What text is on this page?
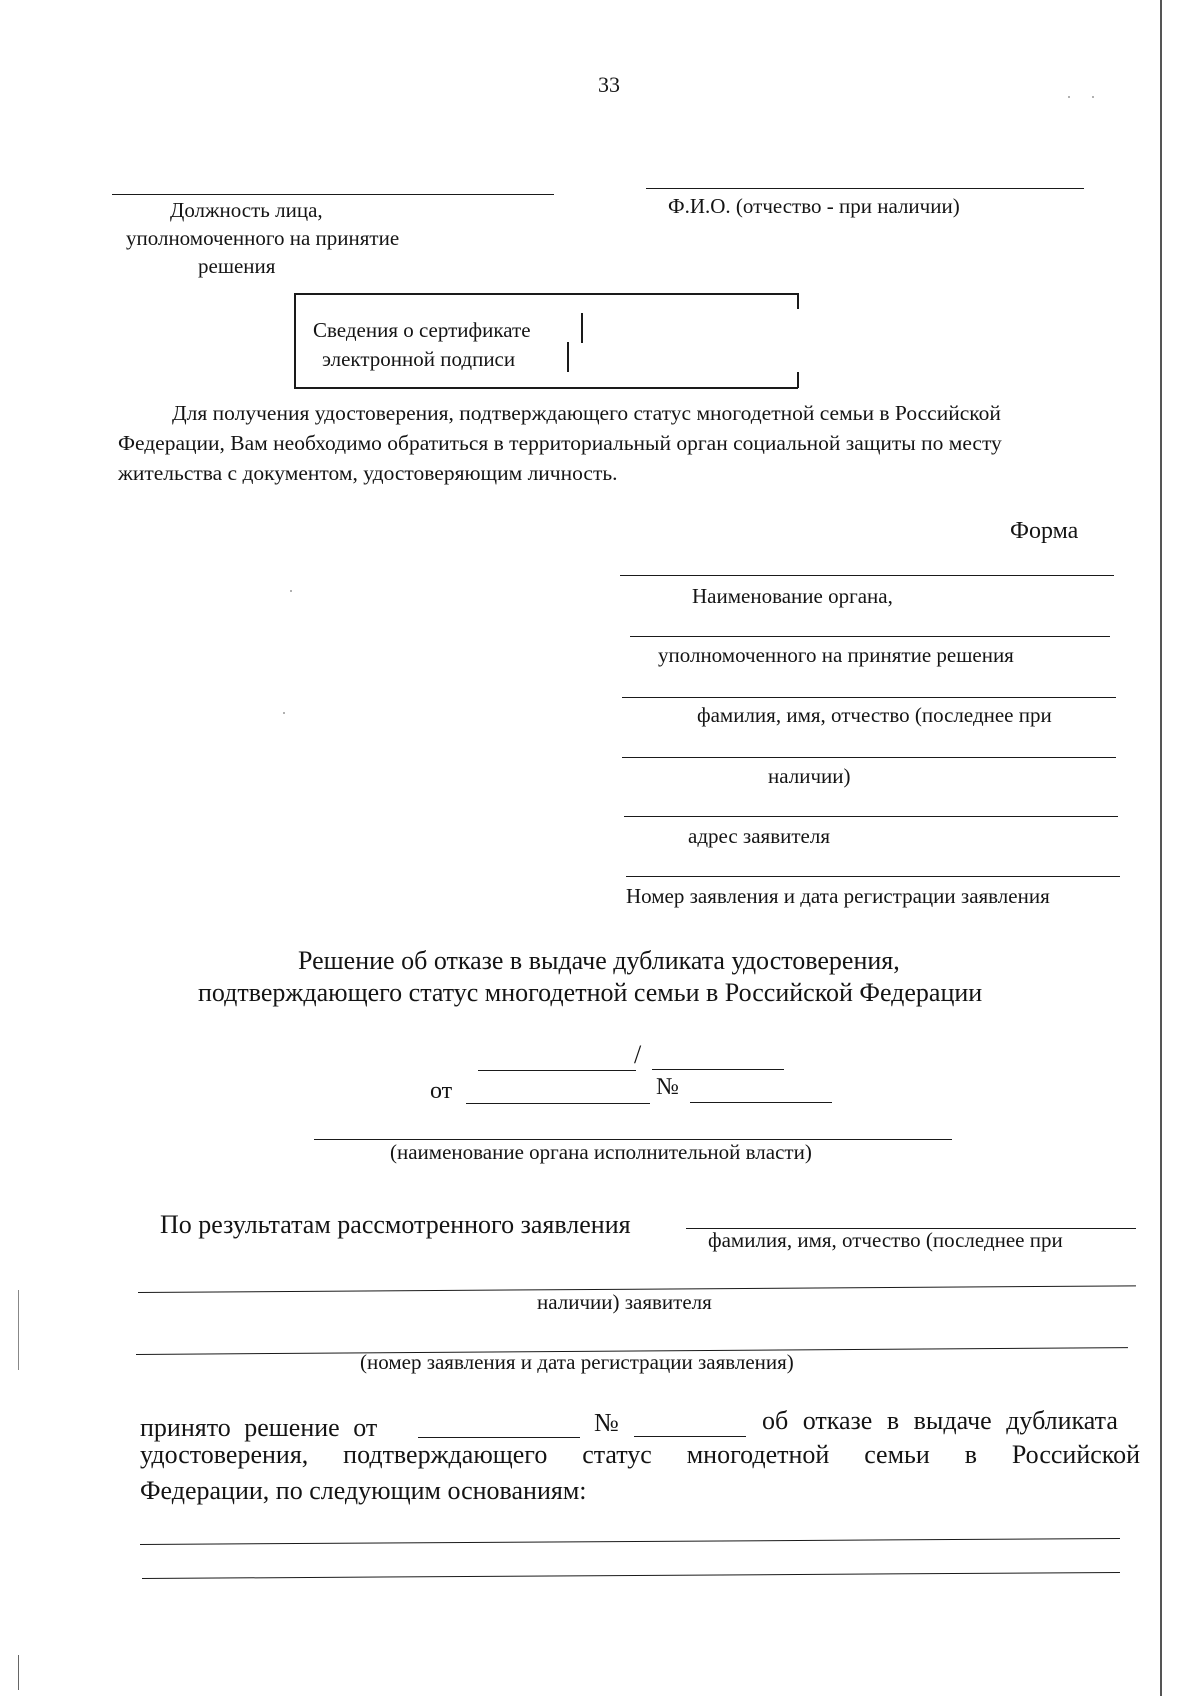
33
Должность лица,
уполномоченного на принятие
решения
Ф.И.О. (отчество - при наличии)
Сведения о сертификате
электронной подписи
Для получения удостоверения, подтверждающего статус многодетной семьи в Российской
Федерации, Вам необходимо обратиться в территориальный орган социальной защиты по месту
жительства с документом, удостоверяющим личность.
Форма
Наименование органа,
уполномоченного на принятие решения
фамилия, имя, отчество (последнее при
наличии)
адрес заявителя
Номер заявления и дата регистрации заявления
Решение об отказе в выдаче дубликата удостоверения,
подтверждающего статус многодетной семьи в Российской Федерации
/
от	№
(наименование органа исполнительной власти)
По результатам рассмотренного заявления
фамилия, имя, отчество (последнее при
наличии) заявителя
(номер заявления и дата регистрации заявления)
принято решение от	№	об отказе в выдаче дубликата
удостоверения, подтверждающего статус многодетной семьи в Российской
Федерации, по следующим основаниям:
